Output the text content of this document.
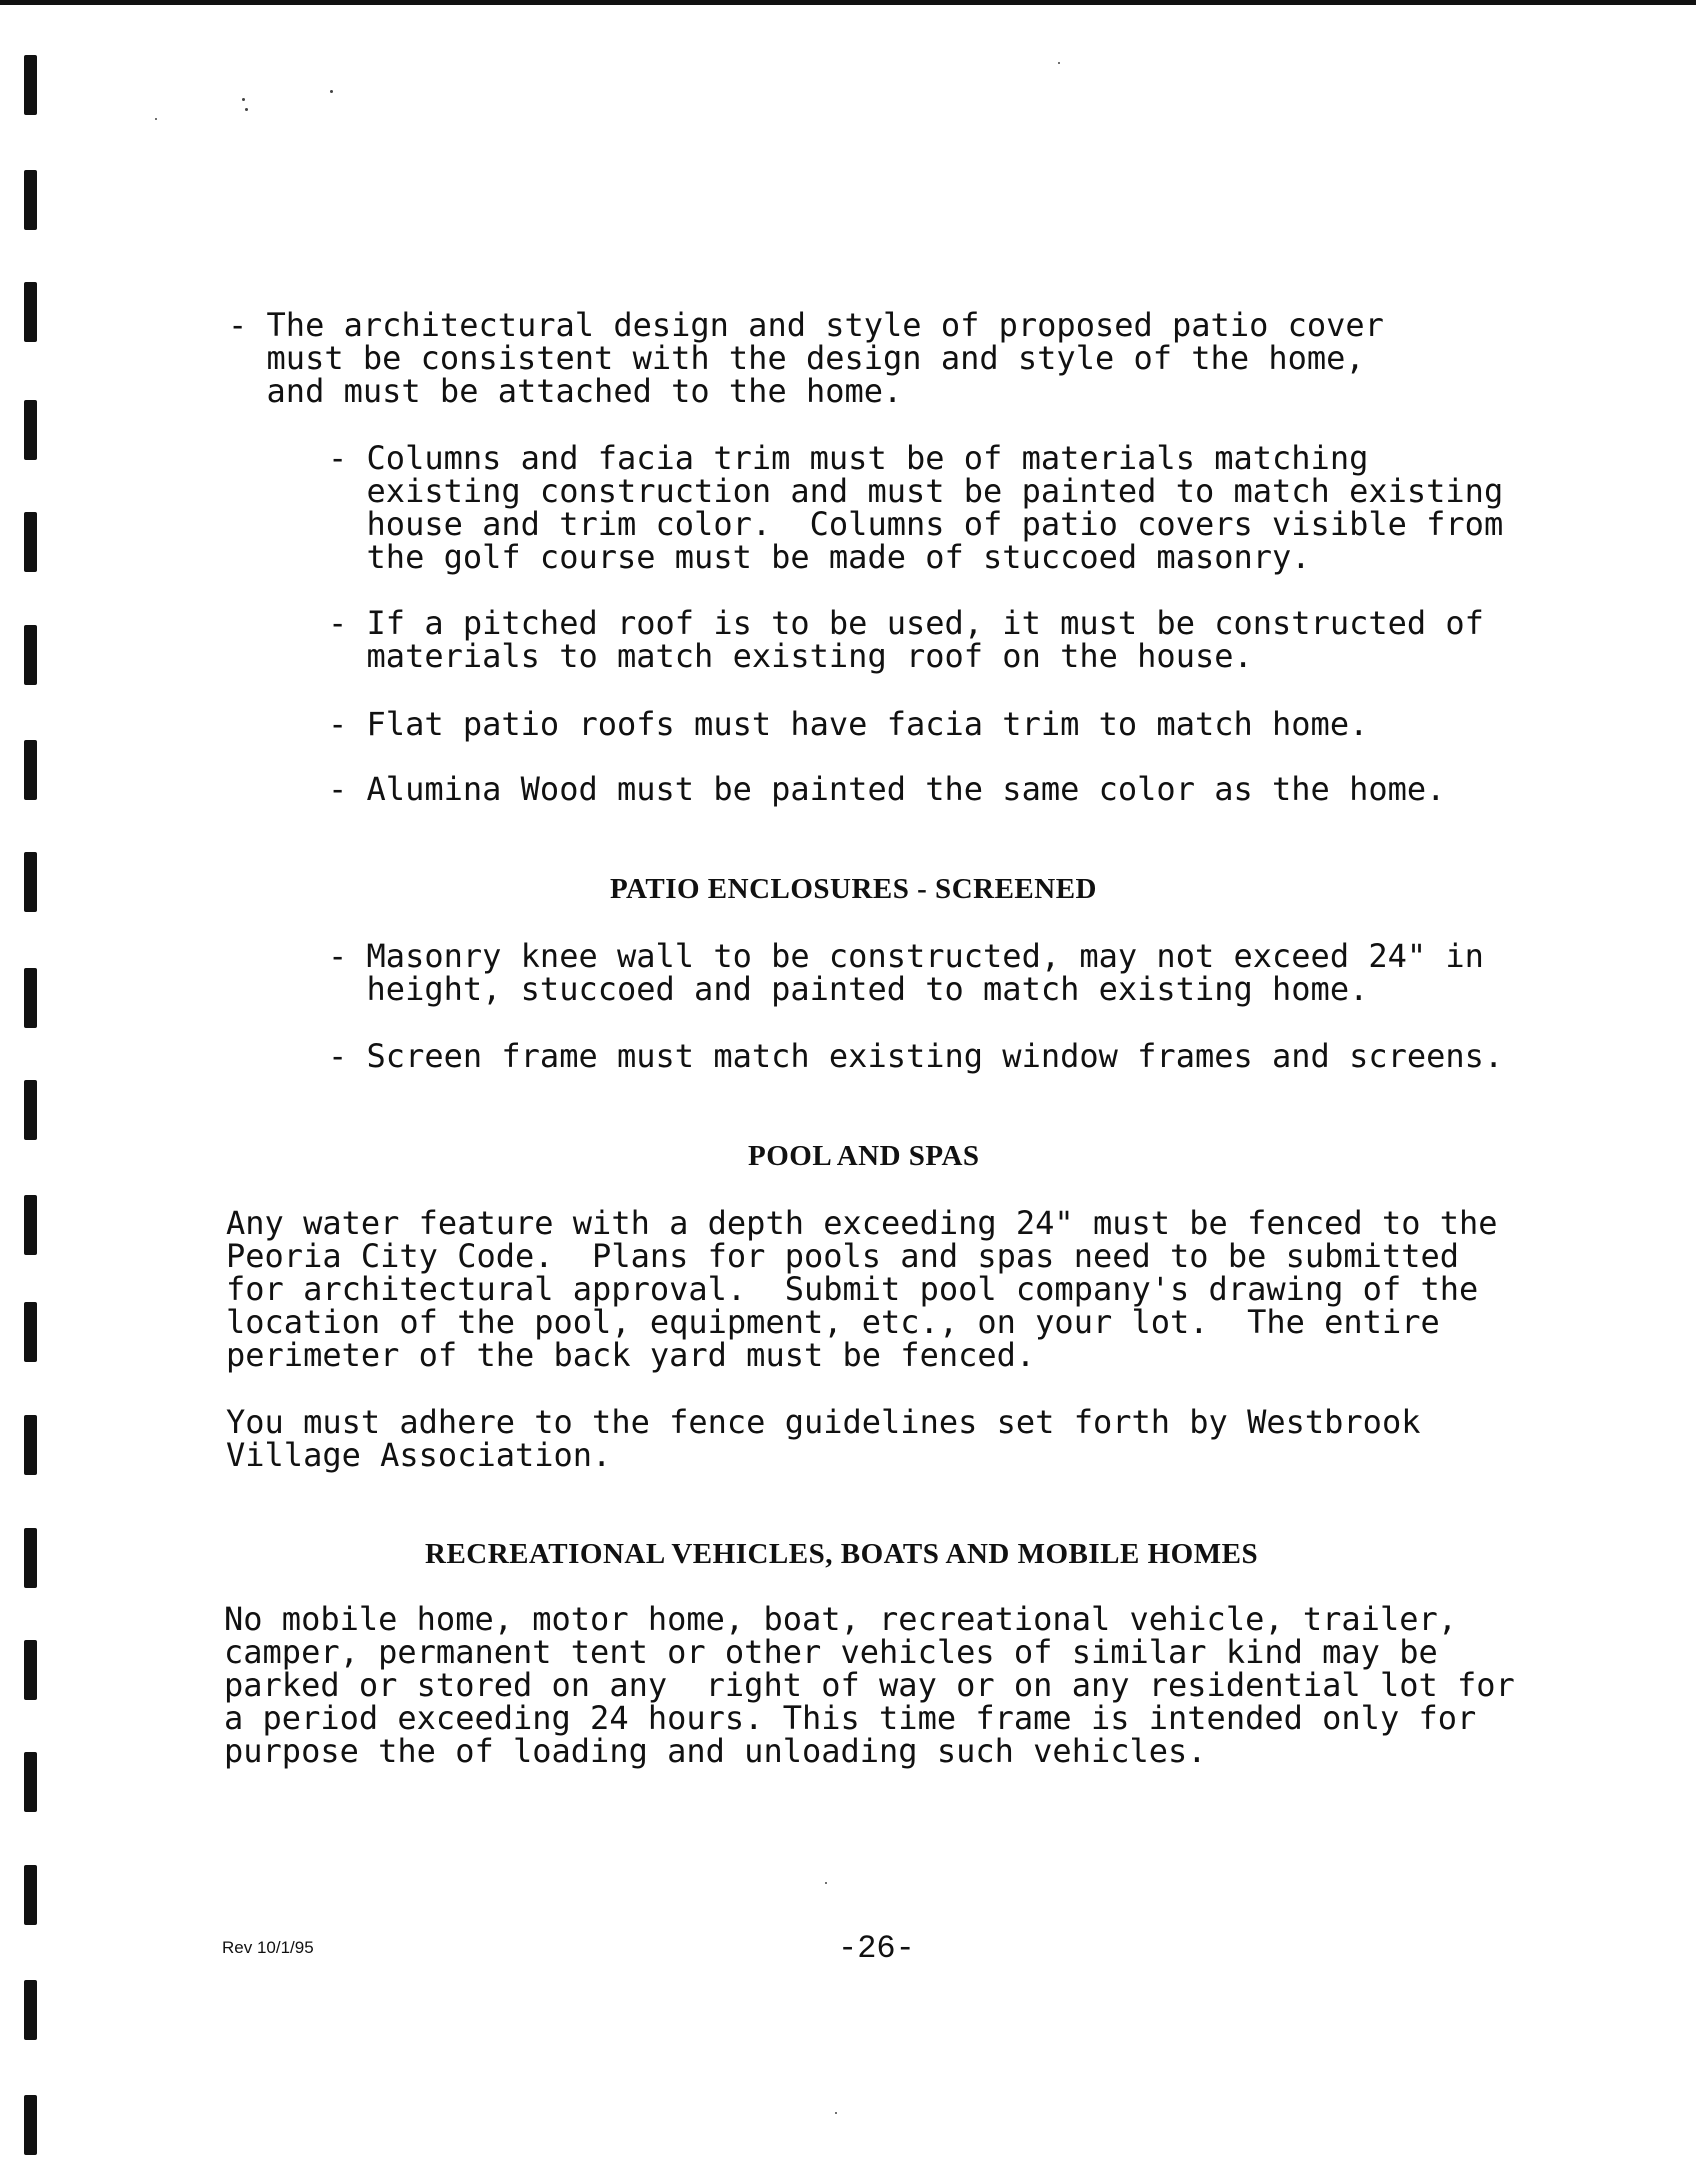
- The architectural design and style of proposed patio cover
must be consistent with the design and style of the home,
and must be attached to the home.
- Columns and facia trim must be of materials matching
existing construction and must be painted to match existing
house and trim color.  Columns of patio covers visible from
the golf course must be made of stuccoed masonry.
- If a pitched roof is to be used, it must be constructed of
materials to match existing roof on the house.
- Flat patio roofs must have facia trim to match home.
- Alumina Wood must be painted the same color as the home.
PATIO ENCLOSURES - SCREENED
- Masonry knee wall to be constructed, may not exceed 24" in
height, stuccoed and painted to match existing home.
- Screen frame must match existing window frames and screens.
POOL AND SPAS
Any water feature with a depth exceeding 24" must be fenced to the
Peoria City Code.  Plans for pools and spas need to be submitted
for architectural approval.  Submit pool company's drawing of the
location of the pool, equipment, etc., on your lot.  The entire
perimeter of the back yard must be fenced.
You must adhere to the fence guidelines set forth by Westbrook
Village Association.
RECREATIONAL VEHICLES, BOATS AND MOBILE HOMES
No mobile home, motor home, boat, recreational vehicle, trailer,
camper, permanent tent or other vehicles of similar kind may be
parked or stored on any  right of way or on any residential lot for
a period exceeding 24 hours. This time frame is intended only for
purpose the of loading and unloading such vehicles.
Rev 10/1/95	-26-
